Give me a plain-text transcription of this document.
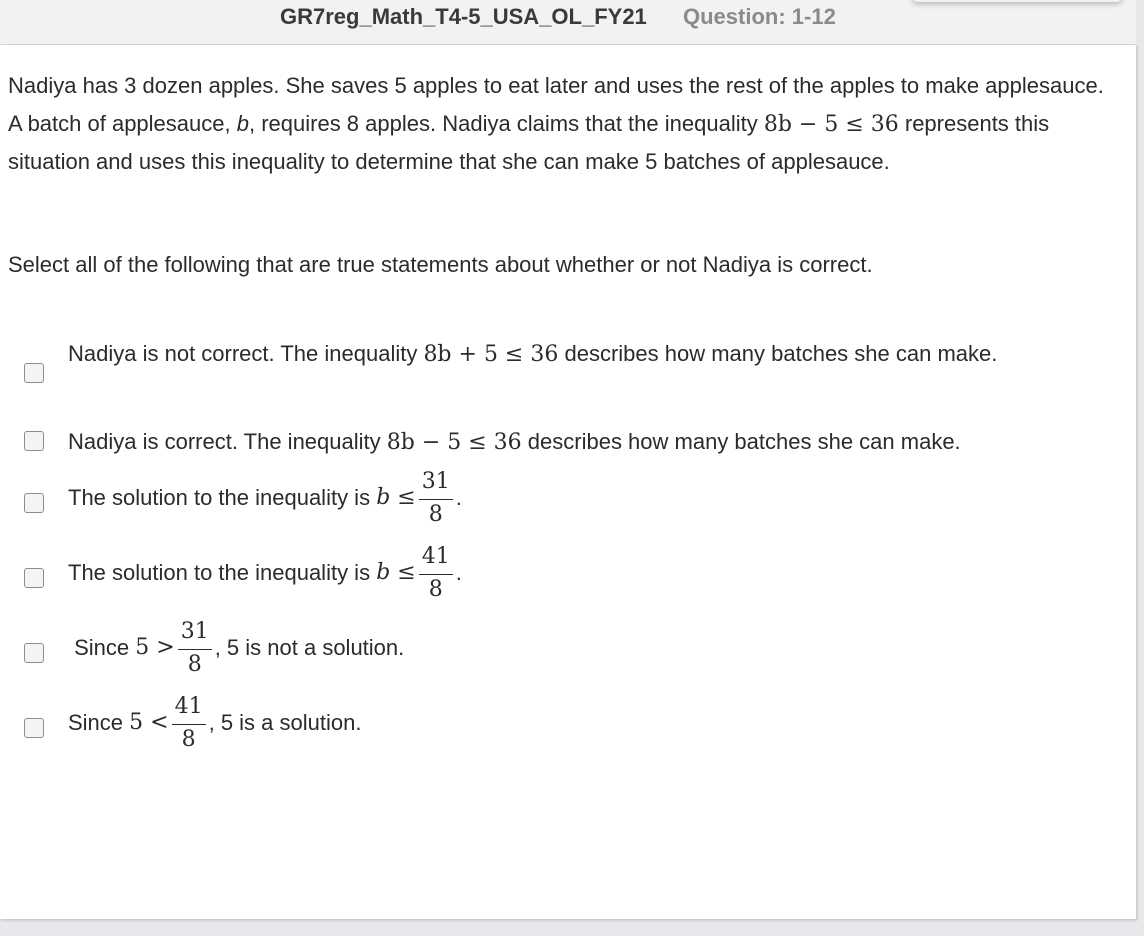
GR7reg_Math_T4-5_USA_OL_FY21 Question: 1-12
Nadiya has 3 dozen apples. She saves 5 apples to eat later and uses the rest of the apples to make applesauce. A batch of applesauce, b, requires 8 apples. Nadiya claims that the inequality 8b − 5 ≤ 36 represents this situation and uses this inequality to determine that she can make 5 batches of applesauce.
Select all of the following that are true statements about whether or not Nadiya is correct.
Nadiya is not correct. The inequality 8b + 5 ≤ 36 describes how many batches she can make.
Nadiya is correct. The inequality 8b − 5 ≤ 36 describes how many batches she can make.
The solution to the inequality is $b \le \frac{31}{8}$ .
The solution to the inequality is $b \le \frac{41}{8}$ .
Since $5 > \frac{31}{8}$ , 5 is not a solution.
Since $5 < \frac{41}{8}$ , 5 is a solution.
